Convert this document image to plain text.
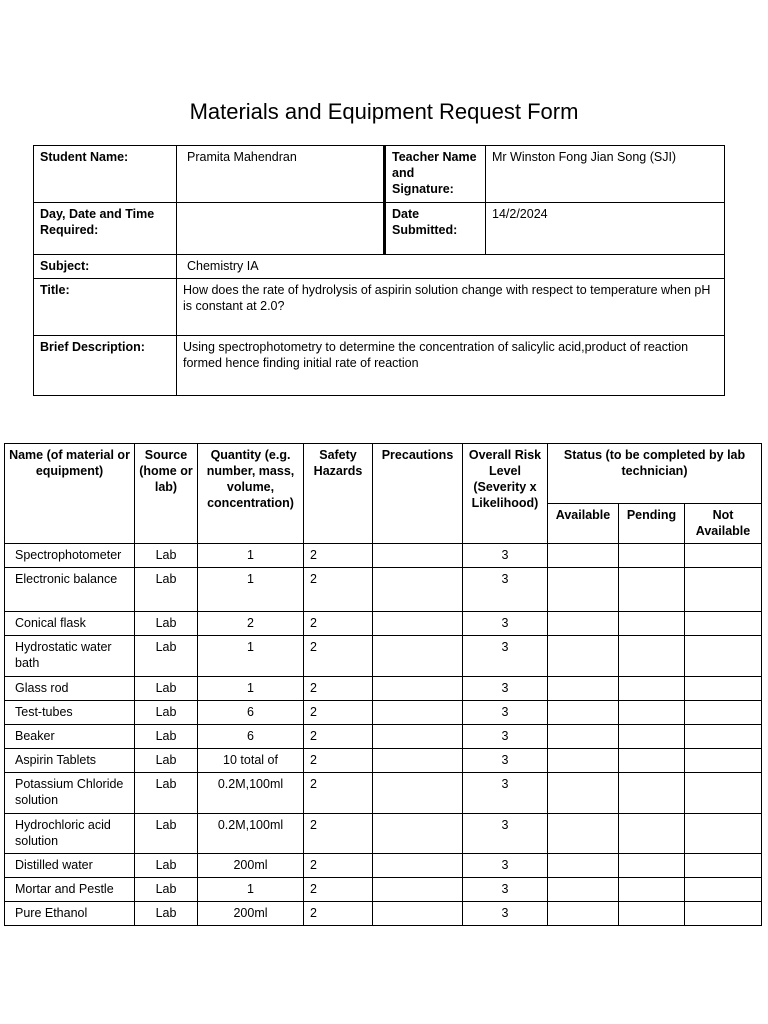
Materials and Equipment Request Form
Student Name:	Pramita Mahendran	Teacher Name and Signature:	Mr Winston Fong Jian Song (SJI)
Day, Date and Time Required:		Date Submitted:	14/2/2024
Subject:	Chemistry IA		
Title:	How does the rate of hydrolysis of aspirin solution change with respect to temperature when pH is constant at 2.0?		
Brief Description:	Using spectrophotometry to determine the concentration of salicylic acid,product of reaction formed hence finding initial rate of reaction		
Name (of material or equipment)	Source (home or lab)	Quantity (e.g. number, mass, volume, concentration)	Safety Hazards	Precautions	Overall Risk Level (Severity x Likelihood)	Status (to be completed by lab technician)		
						Available	Pending	Not Available
Spectrophotometer	Lab	1	2		3			
Electronic balance	Lab	1	2		3			
Conical flask	Lab	2	2		3			
Hydrostatic water bath	Lab	1	2		3			
Glass rod	Lab	1	2		3			
Test-tubes	Lab	6	2		3			
Beaker	Lab	6	2		3			
Aspirin Tablets	Lab	10 total of	2		3			
Potassium Chloride solution	Lab	0.2M,100ml	2		3			
Hydrochloric acid solution	Lab	0.2M,100ml	2		3			
Distilled water	Lab	200ml	2		3			
Mortar and Pestle	Lab	1	2		3			
Pure Ethanol	Lab	200ml	2		3			
